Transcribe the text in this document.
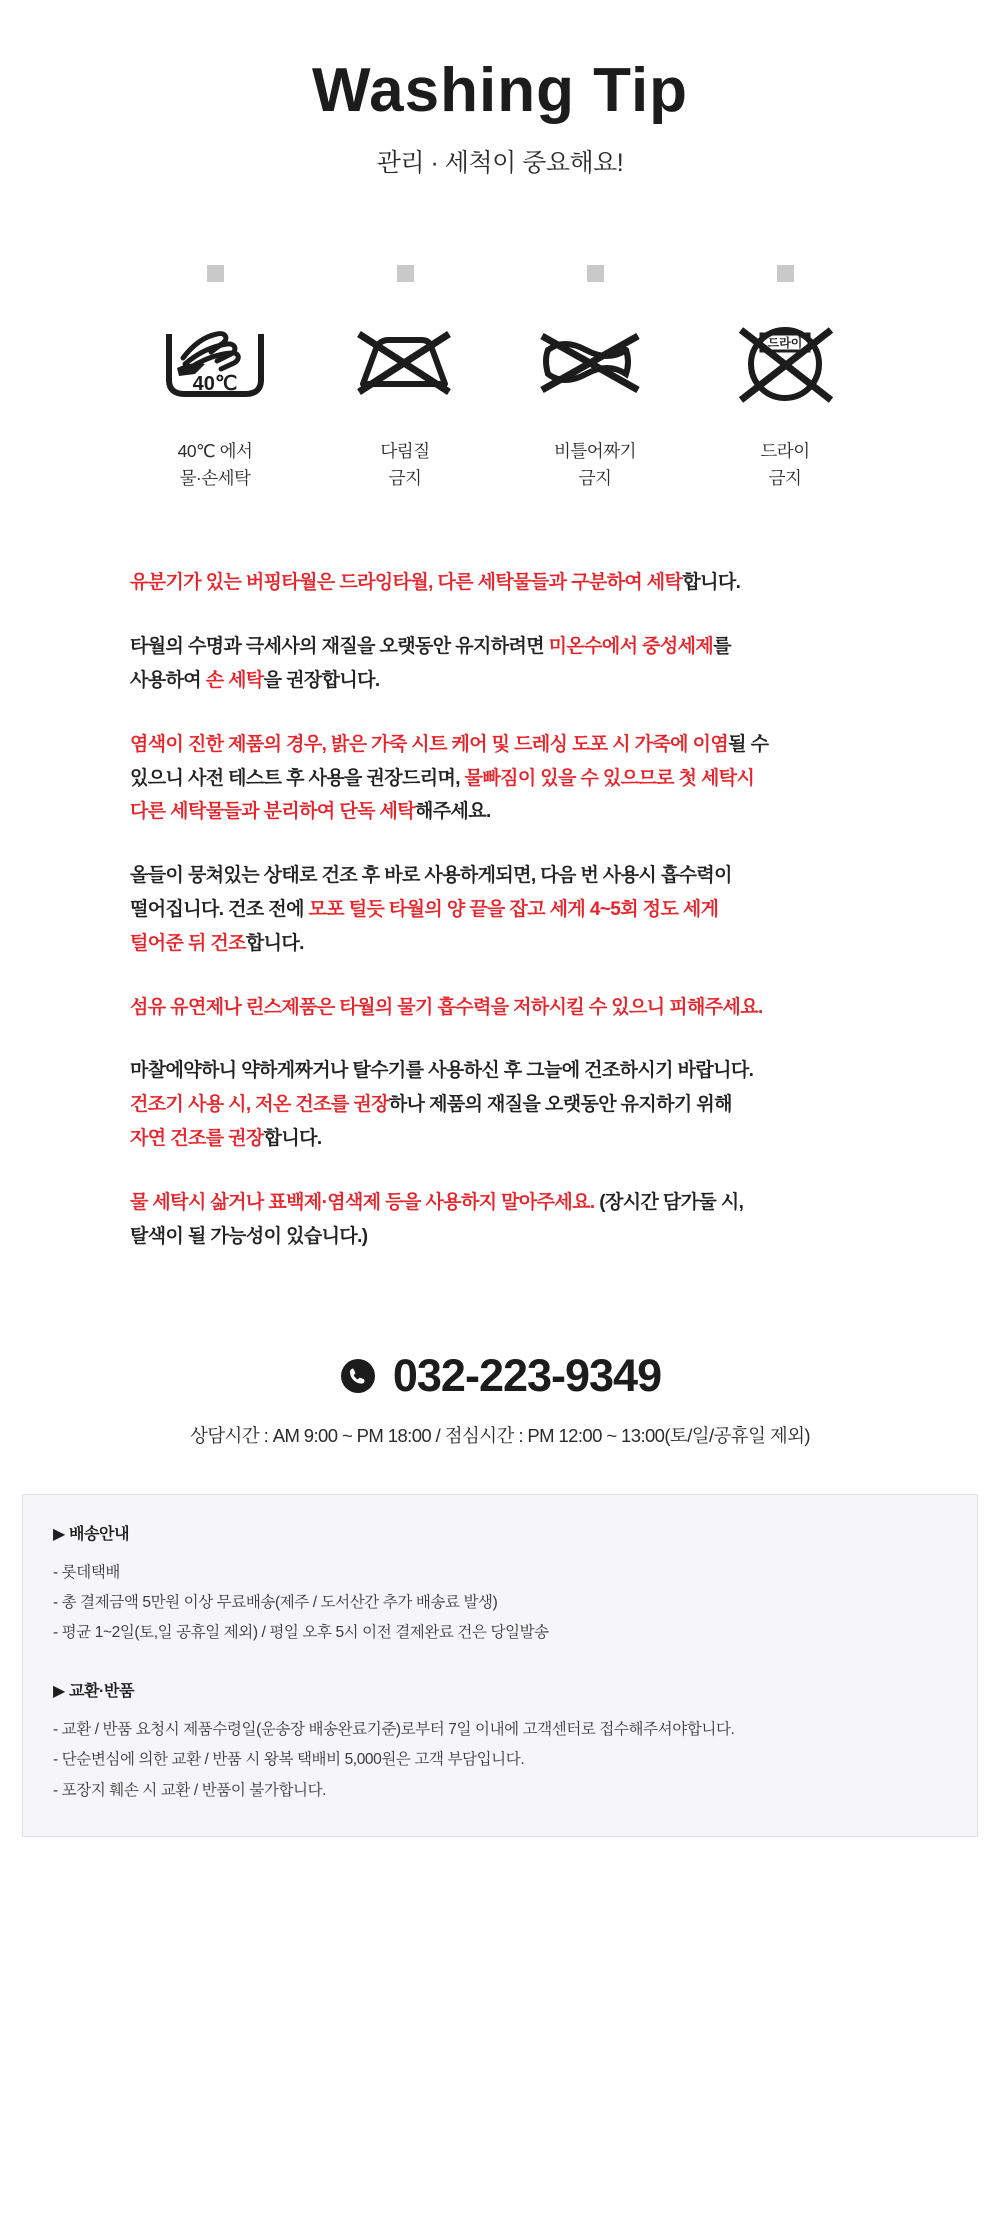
Washing Tip
관리 · 세척이 중요해요!
40℃
40℃ 에서
물·손세탁
다림질
금지
비틀어짜기
금지
드라이
드라이
금지
유분기가 있는 버핑타월은 드라잉타월, 다른 세탁물들과 구분하여 세탁합니다.
타월의 수명과 극세사의 재질을 오랫동안 유지하려면 미온수에서 중성세제를
사용하여 손 세탁을 권장합니다.
염색이 진한 제품의 경우, 밝은 가죽 시트 케어 및 드레싱 도포 시 가죽에 이염될 수
있으니 사전 테스트 후 사용을 권장드리며, 물빠짐이 있을 수 있으므로 첫 세탁시
다른 세탁물들과 분리하여 단독 세탁해주세요.
올들이 뭉쳐있는 상태로 건조 후 바로 사용하게되면, 다음 번 사용시 흡수력이
떨어집니다. 건조 전에 모포 털듯 타월의 양 끝을 잡고 세게 4~5회 정도 세게
털어준 뒤 건조합니다.
섬유 유연제나 린스제품은 타월의 물기 흡수력을 저하시킬 수 있으니 피해주세요.
마찰에약하니 약하게짜거나 탈수기를 사용하신 후 그늘에 건조하시기 바랍니다.
건조기 사용 시, 저온 건조를 권장하나 제품의 재질을 오랫동안 유지하기 위해
자연 건조를 권장합니다.
물 세탁시 삶거나 표백제·염색제 등을 사용하지 말아주세요. (장시간 담가둘 시,
탈색이 될 가능성이 있습니다.)
032-223-9349
상담시간 : AM 9:00 ~ PM 18:00 / 점심시간 : PM 12:00 ~ 13:00(토/일/공휴일 제외)
▶ 배송안내
- 롯데택배
- 총 결제금액 5만원 이상 무료배송(제주 / 도서산간 추가 배송료 발생)
- 평균 1~2일(토,일 공휴일 제외) / 평일 오후 5시 이전 결제완료 건은 당일발송
▶ 교환·반품
- 교환 / 반품 요청시 제품수령일(운송장 배송완료기준)로부터 7일 이내에 고객센터로 접수해주셔야합니다.
- 단순변심에 의한 교환 / 반품 시 왕복 택배비 5,000원은 고객 부담입니다.
- 포장지 훼손 시 교환 / 반품이 불가합니다.
